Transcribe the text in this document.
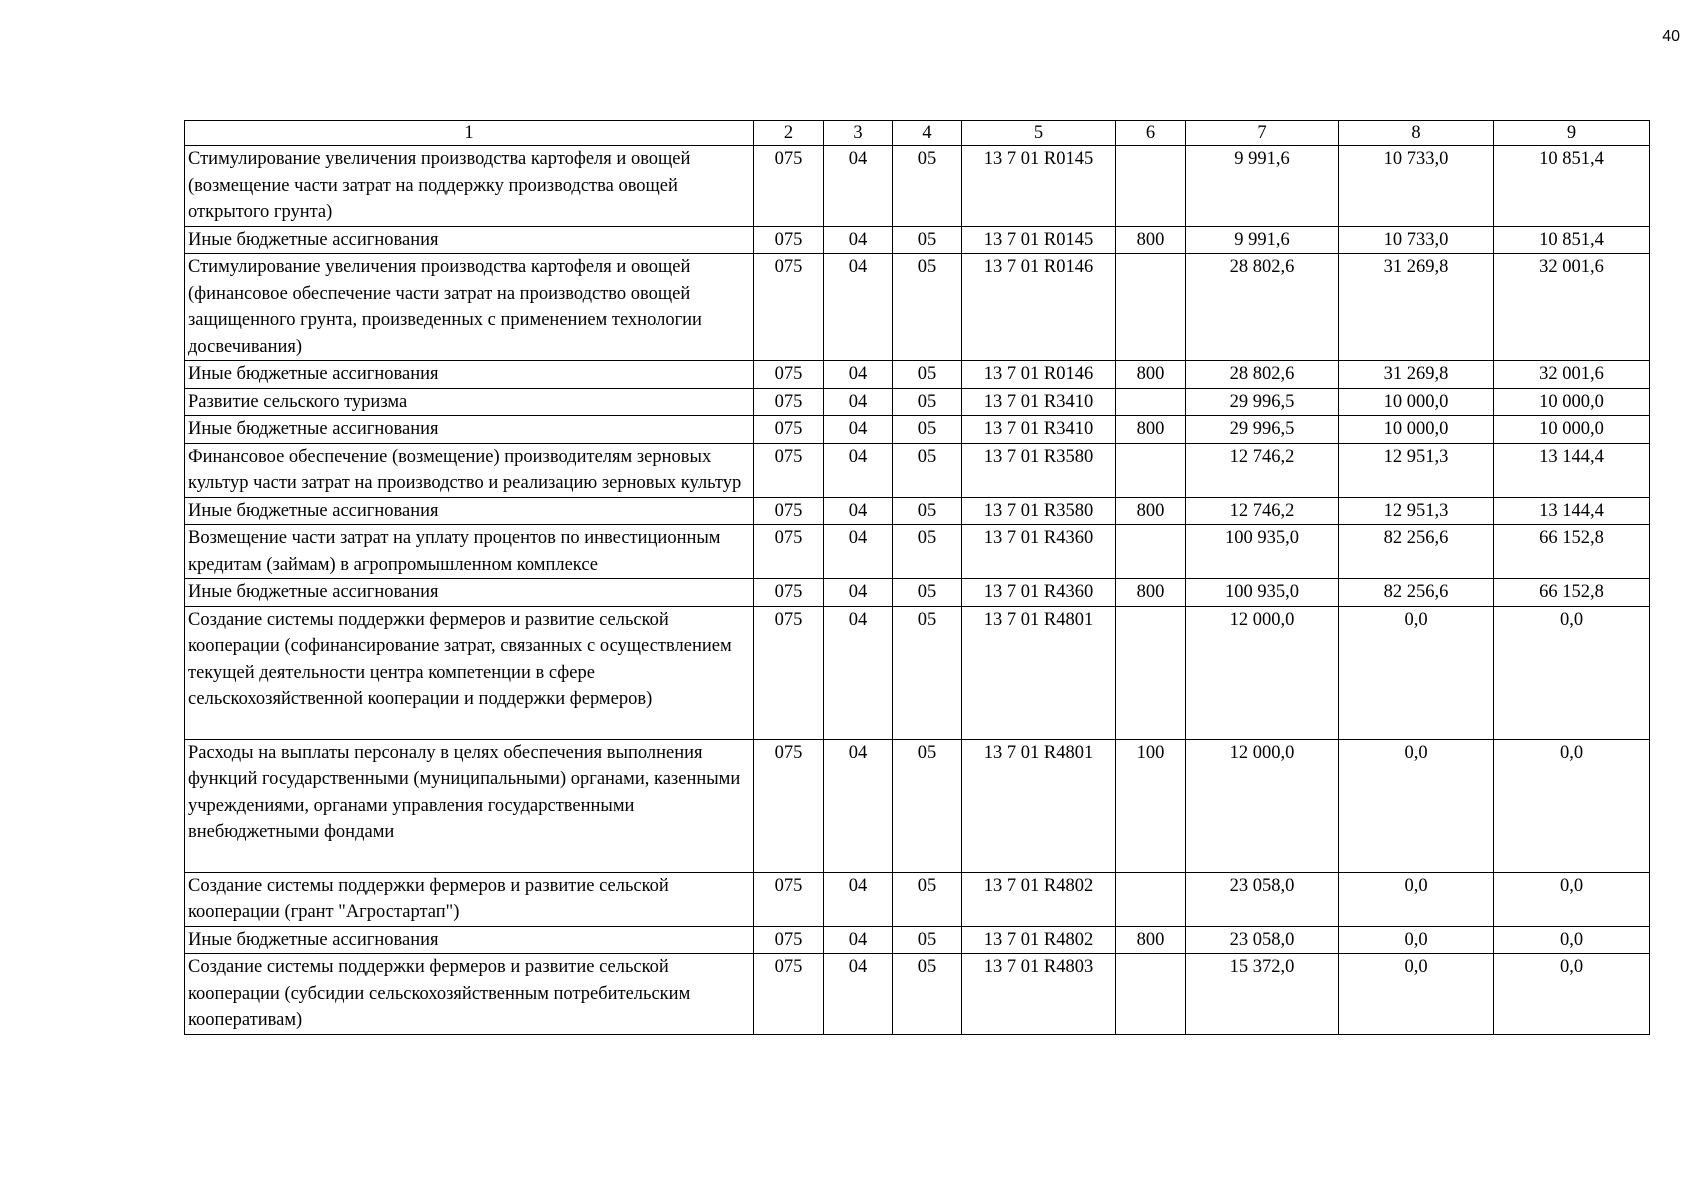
40
1	2	3	4	5	6	7	8	9
Стимулирование увеличения производства картофеля и овощей (возмещение части затрат на поддержку производства овощей открытого грунта)	075	04	05	13 7 01 R0145		9 991,6	10 733,0	10 851,4
Иные бюджетные ассигнования	075	04	05	13 7 01 R0145	800	9 991,6	10 733,0	10 851,4
Стимулирование увеличения производства картофеля и овощей (финансовое обеспечение части затрат на производство овощей защищенного грунта, произведенных с применением технологии досвечивания)	075	04	05	13 7 01 R0146		28 802,6	31 269,8	32 001,6
Иные бюджетные ассигнования	075	04	05	13 7 01 R0146	800	28 802,6	31 269,8	32 001,6
Развитие сельского туризма	075	04	05	13 7 01 R3410		29 996,5	10 000,0	10 000,0
Иные бюджетные ассигнования	075	04	05	13 7 01 R3410	800	29 996,5	10 000,0	10 000,0
Финансовое обеспечение (возмещение) производителям зерновых культур части затрат на производство и реализацию зерновых культур	075	04	05	13 7 01 R3580		12 746,2	12 951,3	13 144,4
Иные бюджетные ассигнования	075	04	05	13 7 01 R3580	800	12 746,2	12 951,3	13 144,4
Возмещение части затрат на уплату процентов по инвестиционным кредитам (займам) в агропромышленном комплексе	075	04	05	13 7 01 R4360		100 935,0	82 256,6	66 152,8
Иные бюджетные ассигнования	075	04	05	13 7 01 R4360	800	100 935,0	82 256,6	66 152,8
Создание системы поддержки фермеров и развитие сельской кооперации (софинансирование затрат, связанных с осуществлением текущей деятельности центра компетенции в сфере сельскохозяйственной кооперации и поддержки фермеров)	075	04	05	13 7 01 R4801		12 000,0	0,0	0,0
Расходы на выплаты персоналу в целях обеспечения выполнения функций государственными (муниципальными) органами, казенными учреждениями, органами управления государственными внебюджетными фондами	075	04	05	13 7 01 R4801	100	12 000,0	0,0	0,0
Создание системы поддержки фермеров и развитие сельской кооперации (грант "Агростартап")	075	04	05	13 7 01 R4802		23 058,0	0,0	0,0
Иные бюджетные ассигнования	075	04	05	13 7 01 R4802	800	23 058,0	0,0	0,0
Создание системы поддержки фермеров и развитие сельской кооперации (субсидии сельскохозяйственным потребительским кооперативам)	075	04	05	13 7 01 R4803		15 372,0	0,0	0,0
